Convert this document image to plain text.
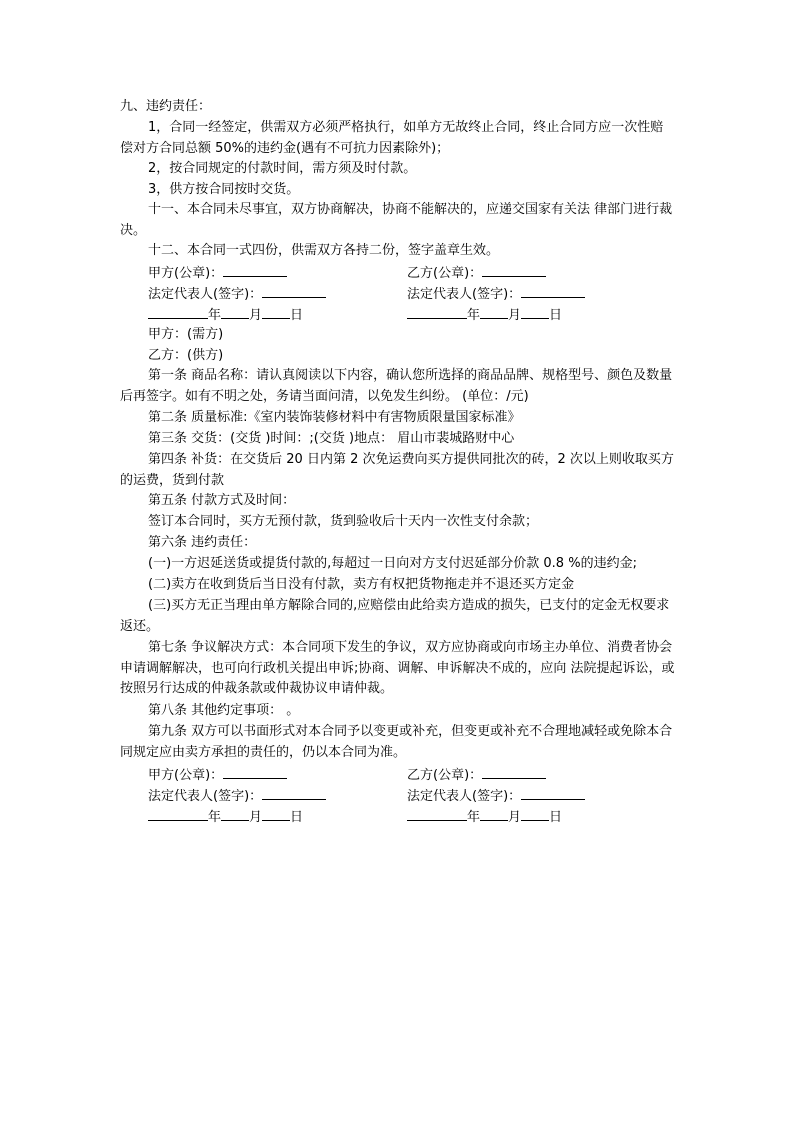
九、违约责任：

1，合同一经签定，供需双方必须严格执行，如单方无故终止合同，终止合同方应一次性赔偿对方合同总额 50%的违约金(遇有不可抗力因素除外)；

2，按合同规定的付款时间，需方须及时付款。

3，供方按合同按时交货。

十一、本合同未尽事宜，双方协商解决，协商不能解决的，应递交国家有关法 律部门进行裁决。

十二、本合同一式四份，供需双方各持二份，签字盖章生效。

甲方(公章)：	乙方(公章)：
法定代表人(签字)：	法定代表人(签字)：
年 月 日	年 月 日

甲方：(需方)

乙方：(供方)

第一条 商品名称：请认真阅读以下内容，确认您所选择的商品品牌、规格型号、颜色及数量后再签字。如有不明之处，务请当面问清，以免发生纠纷。 (单位：/元)

第二条 质量标准:《室内装饰装修材料中有害物质限量国家标准》

第三条 交货：(交货 )时间：;(交货 )地点： 眉山市裴城路财中心

第四条 补货：在交货后 20 日内第 2 次免运费向买方提供同批次的砖，2 次以上则收取买方的运费，货到付款

第五条 付款方式及时间：

签订本合同时，买方无预付款，货到验收后十天内一次性支付余款；

第六条 违约责任：

(一)一方迟延送货或提货付款的,每超过一日向对方支付迟延部分价款 0.8 %的违约金;

(二)卖方在收到货后当日没有付款，卖方有权把货物拖走并不退还买方定金

(三)买方无正当理由单方解除合同的,应赔偿由此给卖方造成的损失，已支付的定金无权要求返还。

第七条 争议解决方式：本合同项下发生的争议，双方应协商或向市场主办单位、消费者协会申请调解解决，也可向行政机关提出申诉;协商、调解、申诉解决不成的，应向 法院提起诉讼，或按照另行达成的仲裁条款或仲裁协议申请仲裁。

第八条 其他约定事项： 。

第九条 双方可以书面形式对本合同予以变更或补充，但变更或补充不合理地减轻或免除本合同规定应由卖方承担的责任的，仍以本合同为准。

甲方(公章)：	乙方(公章)：
法定代表人(签字)：	法定代表人(签字)：
年 月 日	年 月 日
